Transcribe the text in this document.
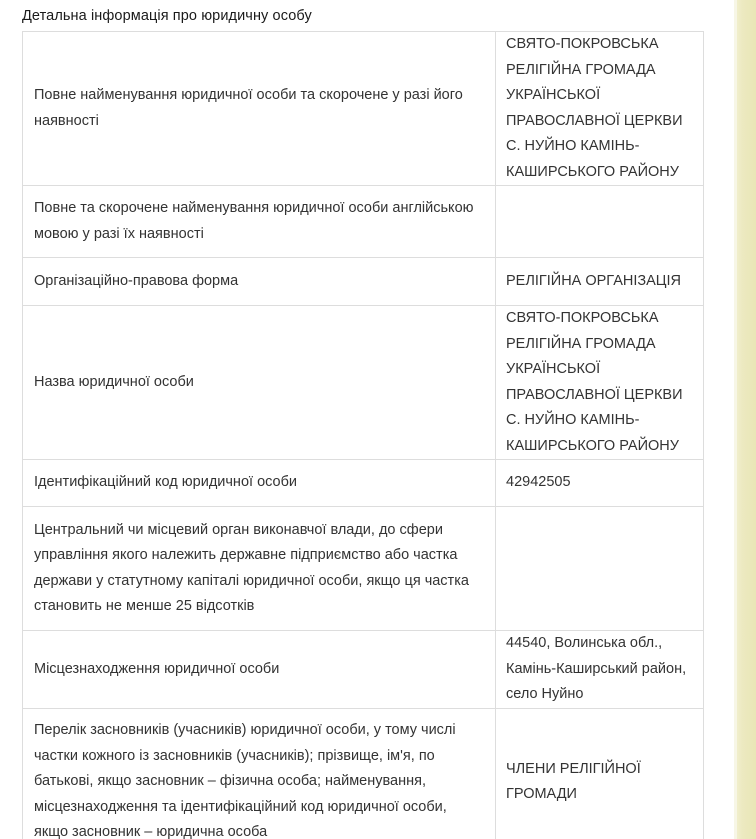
Детальна інформація про юридичну особу
Повне найменування юридичної особи та скорочене у разі його наявності	СВЯТО-ПОКРОВСЬКА РЕЛІГІЙНА ГРОМАДА УКРАЇНСЬКОЇ ПРАВОСЛАВНОЇ ЦЕРКВИ С. НУЙНО КАМІНЬ-КАШИРСЬКОГО РАЙОНУ
Повне та скорочене найменування юридичної особи англійською мовою у разі їх наявності	
Організаційно-правова форма	РЕЛІГІЙНА ОРГАНІЗАЦІЯ
Назва юридичної особи	СВЯТО-ПОКРОВСЬКА РЕЛІГІЙНА ГРОМАДА УКРАЇНСЬКОЇ ПРАВОСЛАВНОЇ ЦЕРКВИ С. НУЙНО КАМІНЬ-КАШИРСЬКОГО РАЙОНУ
Ідентифікаційний код юридичної особи	42942505
Центральний чи місцевий орган виконавчої влади, до сфери управління якого належить державне підприємство або частка держави у статутному капіталі юридичної особи, якщо ця частка становить не менше 25 відсотків	
Місцезнаходження юридичної особи	44540, Волинська обл., Камінь-Каширський район, село Нуйно
Перелік засновників (учасників) юридичної особи, у тому числі частки кожного із засновників (учасників); прізвище, ім'я, по батькові, якщо засновник – фізична особа; найменування, місцезнаходження та ідентифікаційний код юридичної особи, якщо засновник – юридична особа	ЧЛЕНИ РЕЛІГІЙНОЇ ГРОМАДИ
